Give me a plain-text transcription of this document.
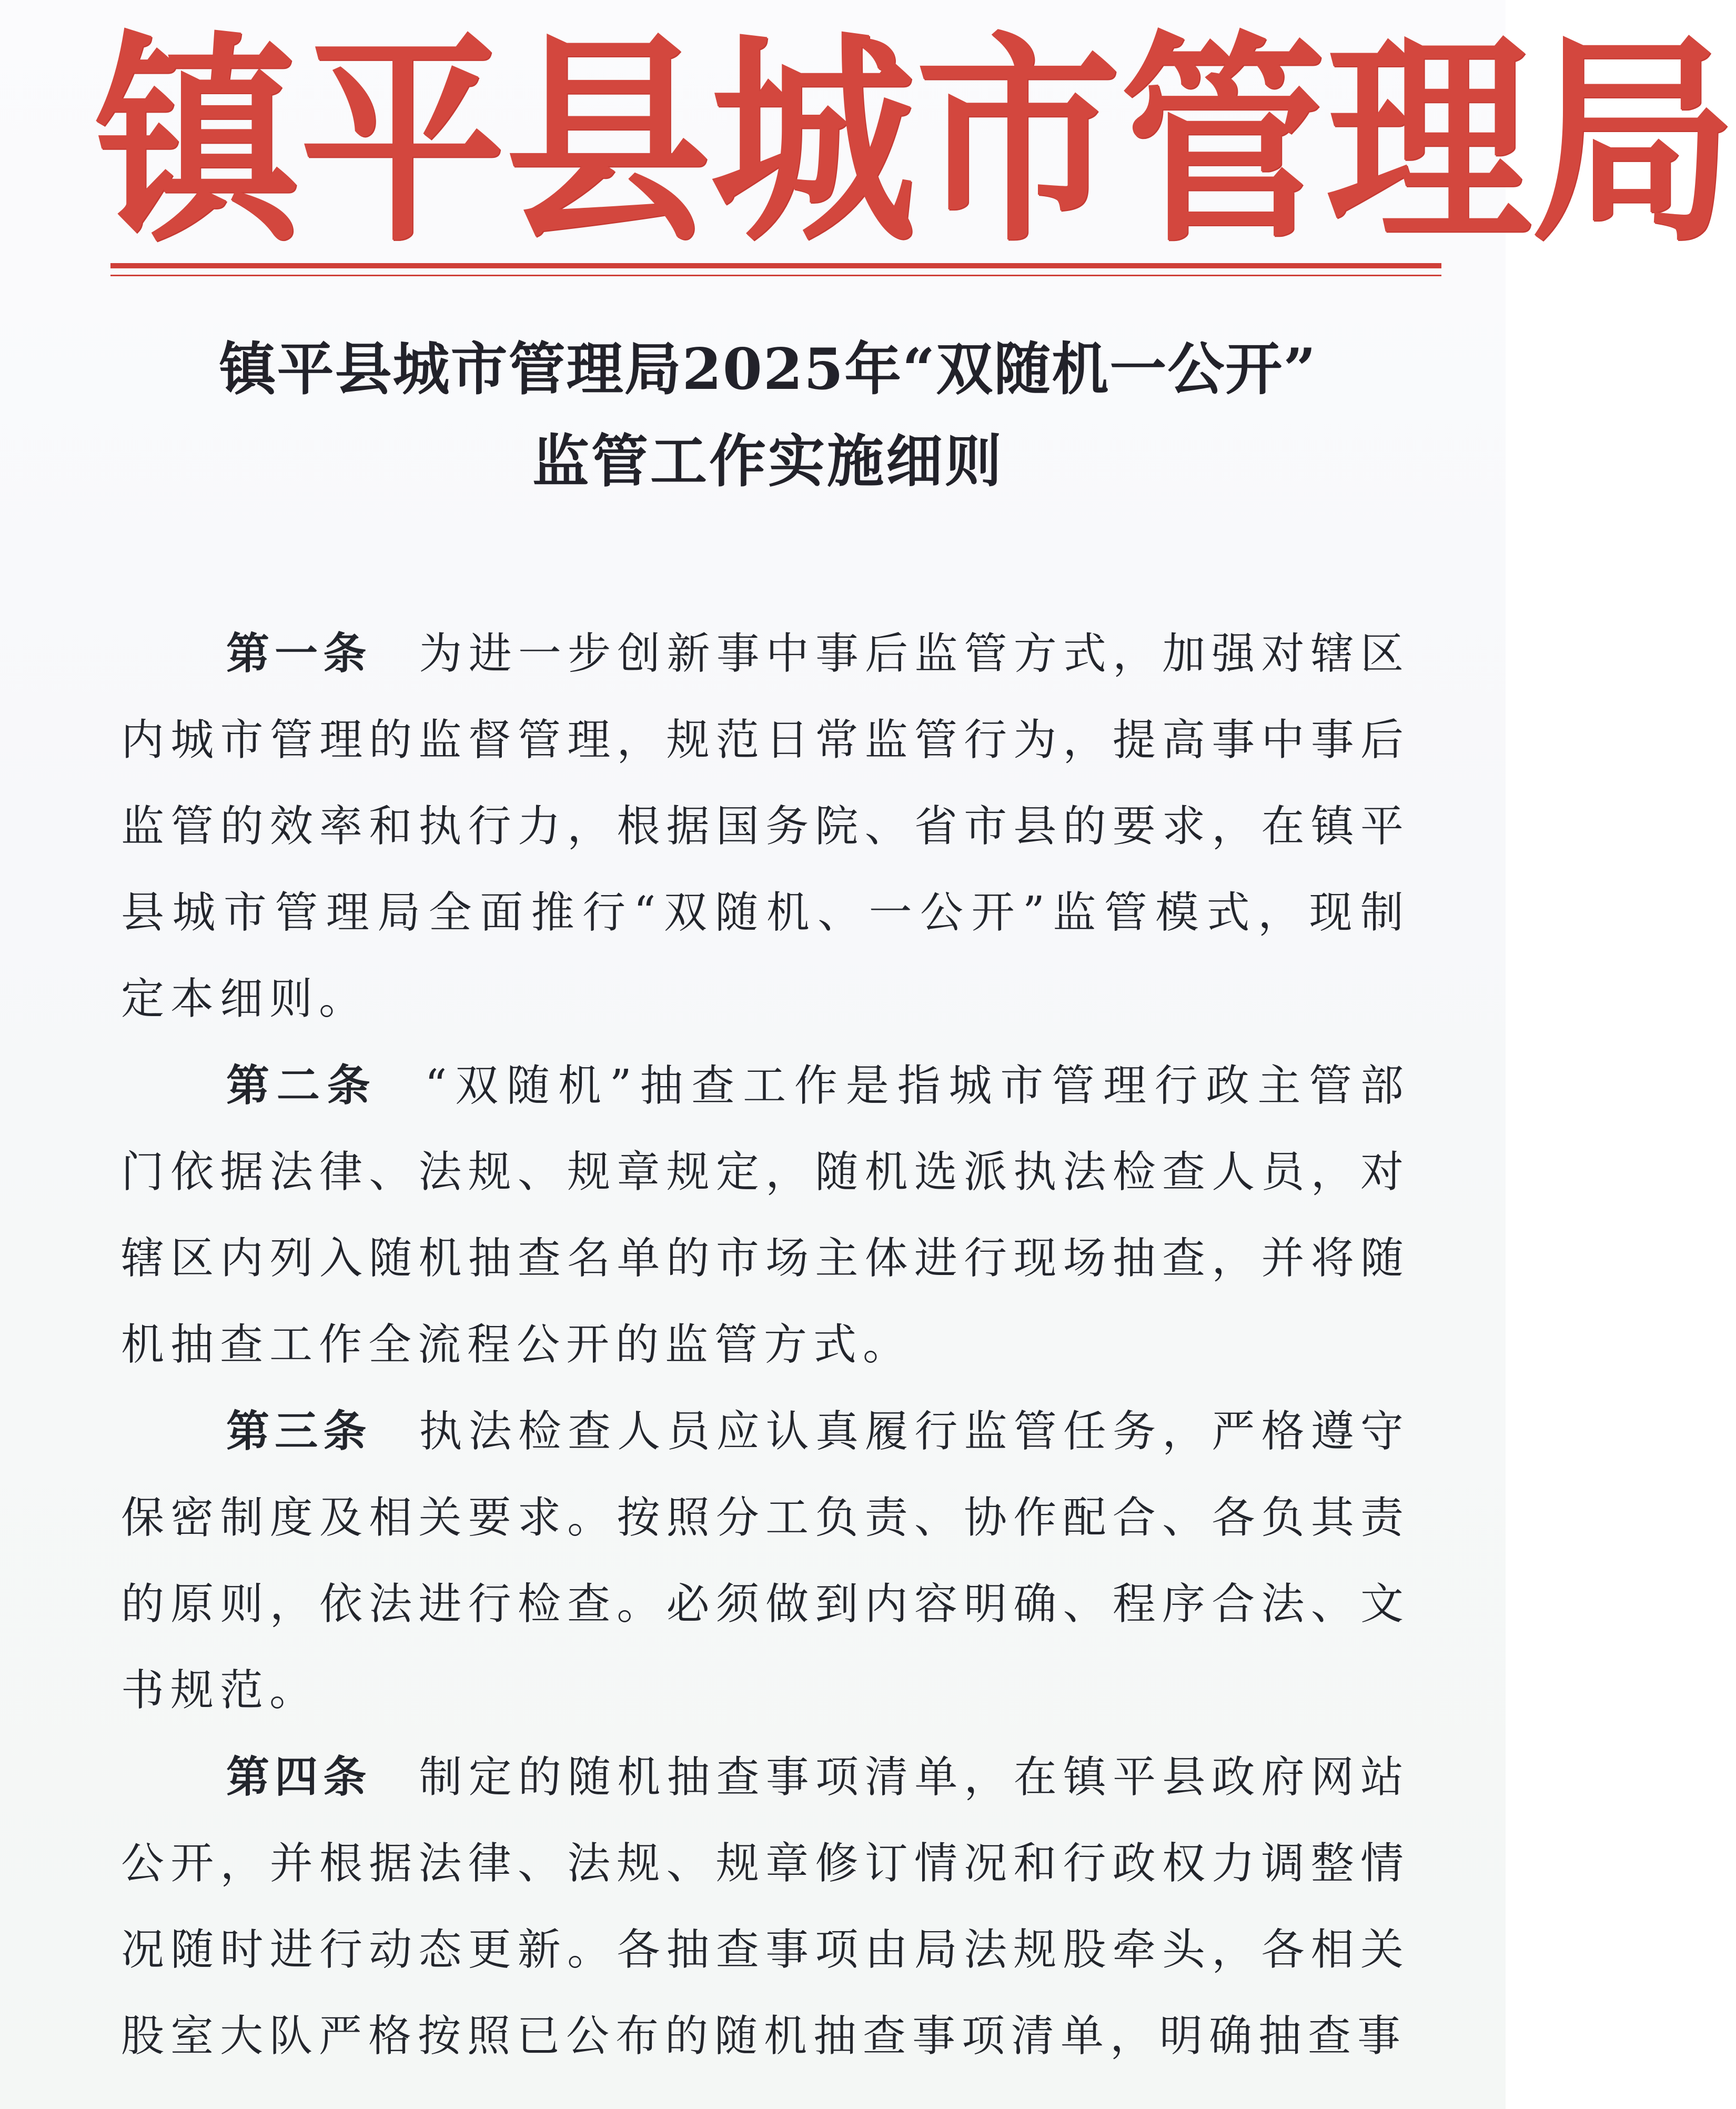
镇 平 县 城 市 管 理 局
镇平县城市管理局2025年“双随机一公开”
监管工作实施细则

第一条 为进一步创新事中事后监管方式，加强对辖区内城市管理的监督管理，规范日常监管行为，提高事中事后监管的效率和执行力，根据国务院、省市县的要求，在镇平县城市管理局全面推行“双随机、一公开”监管模式，现制定本细则。

第二条 “双随机”抽查工作是指城市管理行政主管部门依据法律、法规、规章规定，随机选派执法检查人员，对辖区内列入随机抽查名单的市场主体进行现场抽查，并将随机抽查工作全流程公开的监管方式。

第三条 执法检查人员应认真履行监管任务，严格遵守保密制度及相关要求。按照分工负责、协作配合、各负其责的原则，依法进行检查。必须做到内容明确、程序合法、文书规范。

第四条 制定的随机抽查事项清单，在镇平县政府网站公开，并根据法律、法规、规章修订情况和行政权力调整情况随时进行动态更新。各抽查事项由局法规股牵头，各相关股室大队严格按照已公布的随机抽查事项清单，明确抽查事
